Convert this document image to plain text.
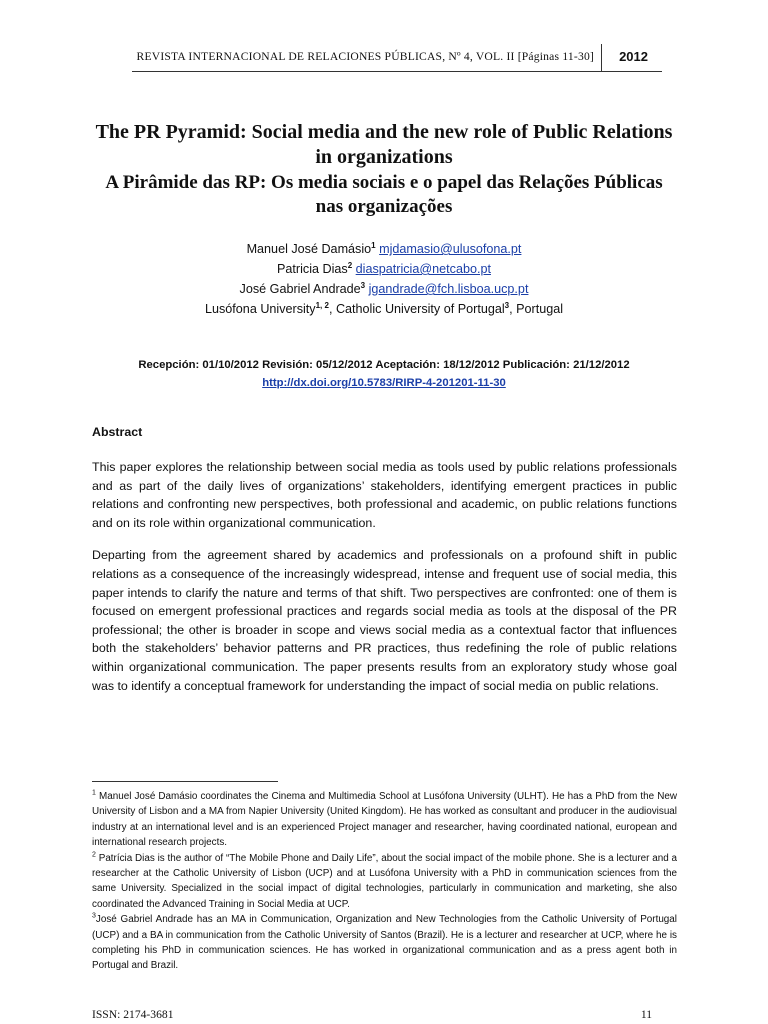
REVISTA INTERNACIONAL DE RELACIONES PÚBLICAS, Nº 4, VOL. II [Páginas 11-30] 2012
The PR Pyramid: Social media and the new role of Public Relations in organizations
A Pirâmide das RP: Os media sociais e o papel das Relações Públicas nas organizações
Manuel José Damásio$^1$ mjdamasio@ulusofona.pt
Patricia Dias$^2$ diaspatricia@netcabo.pt
José Gabriel Andrade$^3$ jgandrade@fch.lisboa.ucp.pt
Lusófona University$^{1, 2}$, Catholic University of Portugal$^3$, Portugal
Recepción: 01/10/2012 Revisión: 05/12/2012 Aceptación: 18/12/2012 Publicación: 21/12/2012
http://dx.doi.org/10.5783/RIRP-4-201201-11-30
Abstract

This paper explores the relationship between social media as tools used by public relations professionals and as part of the daily lives of organizations’ stakeholders, identifying emergent practices in public relations and confronting new perspectives, both professional and academic, on public relations functions and on its role within organizational communication.

Departing from the agreement shared by academics and professionals on a profound shift in public relations as a consequence of the increasingly widespread, intense and frequent use of social media, this paper intends to clarify the nature and terms of that shift. Two perspectives are confronted: one of them is focused on emergent professional practices and regards social media as tools at the disposal of the PR professional; the other is broader in scope and views social media as a contextual factor that influences both the stakeholders’ behavior patterns and PR practices, thus redefining the role of public relations within organizational communication. The paper presents results from an exploratory study whose goal was to identify a conceptual framework for understanding the impact of social media on public relations.

$^1$ Manuel José Damásio coordinates the Cinema and Multimedia School at Lusófona University (ULHT). He has a PhD from the New University of Lisbon and a MA from Napier University (United Kingdom). He has worked as consultant and producer in the audiovisual industry at an international level and is an experienced Project manager and researcher, having coordinated national, european and international research projects.

$^2$ Patrícia Dias is the author of “The Mobile Phone and Daily Life”, about the social impact of the mobile phone. She is a lecturer and a researcher at the Catholic University of Lisbon (UCP) and at Lusófona University with a PhD in communication sciences from the same University. Specialized in the social impact of digital technologies, particularly in communication and marketing, she also coordinated the Advanced Training in Social Media at UCP.

$^3$José Gabriel Andrade has an MA in Communication, Organization and New Technologies from the Catholic University of Portugal (UCP) and a BA in communication from the Catholic University of Santos (Brazil). He is a lecturer and researcher at UCP, where he is completing his PhD in communication sciences. He has worked in organizational communication and as a press agent both in Portugal and Brazil.

ISSN: 2174-3681	11
